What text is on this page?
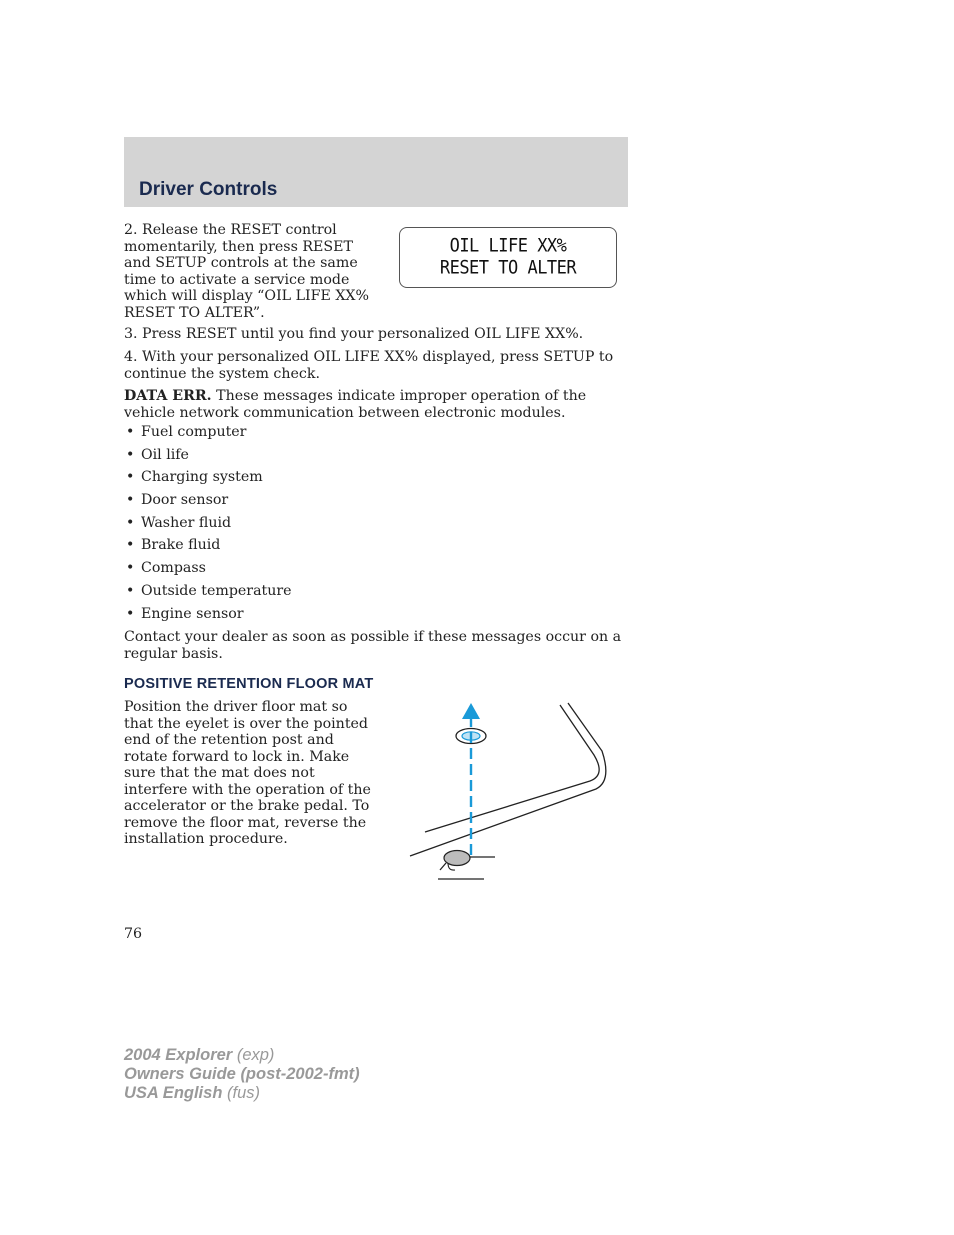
Driver Controls
2. Release the RESET control momentarily, then press RESET and SETUP controls at the same time to activate a service mode which will display “OIL LIFE XX% RESET TO ALTER”.
OIL LIFE XX%
RESET TO ALTER
3. Press RESET until you find your personalized OIL LIFE XX%.
4. With your personalized OIL LIFE XX% displayed, press SETUP to continue the system check.
DATA ERR. These messages indicate improper operation of the vehicle network communication between electronic modules.
• Fuel computer
• Oil life
• Charging system
• Door sensor
• Washer fluid
• Brake fluid
• Compass
• Outside temperature
• Engine sensor
Contact your dealer as soon as possible if these messages occur on a regular basis.
POSITIVE RETENTION FLOOR MAT
Position the driver floor mat so that the eyelet is over the pointed end of the retention post and rotate forward to lock in. Make sure that the mat does not interfere with the operation of the accelerator or the brake pedal. To remove the floor mat, reverse the installation procedure.
76
2004 Explorer (exp)
Owners Guide (post-2002-fmt)
USA English (fus)
